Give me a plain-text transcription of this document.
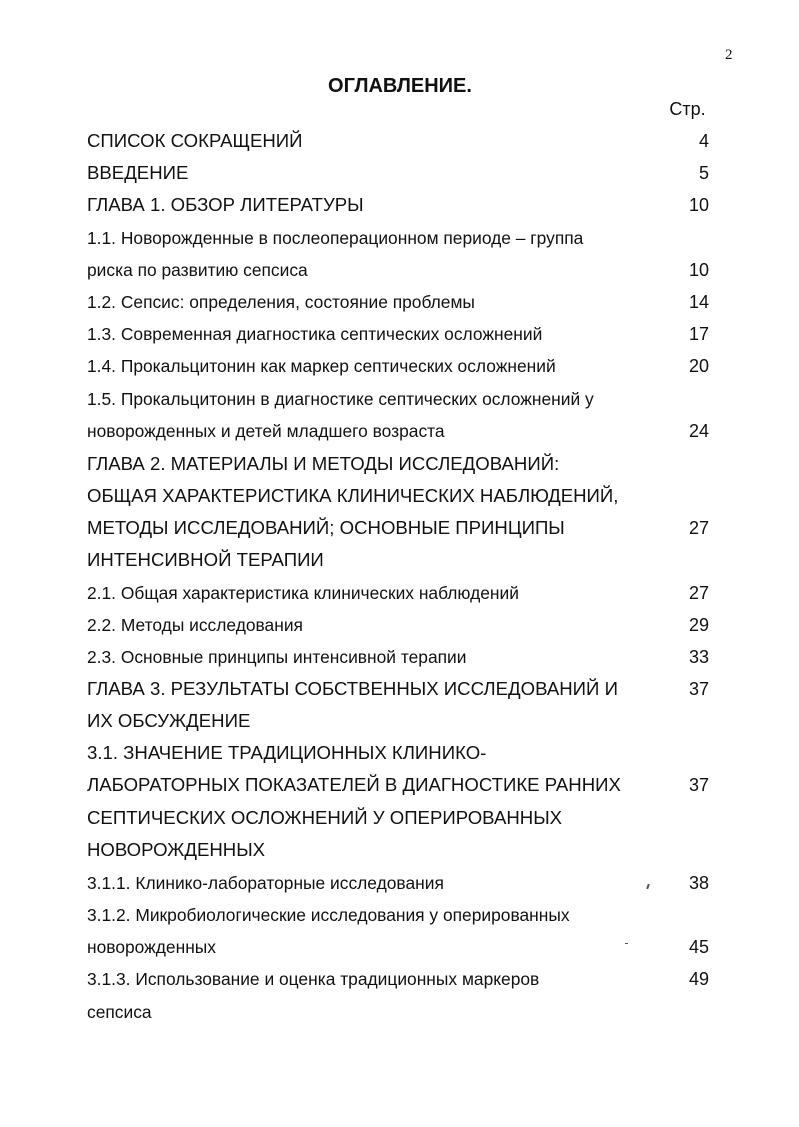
2
ОГЛАВЛЕНИЕ.
Стр.
СПИСОК СОКРАЩЕНИЙ	4
ВВЕДЕНИЕ	5
ГЛАВА 1. ОБЗОР ЛИТЕРАТУРЫ	10
1.1. Новорожденные в послеоперационном периоде – группа
риска по развитию сепсиса	10
1.2. Сепсис: определения, состояние проблемы	14
1.3. Современная диагностика септических осложнений	17
1.4. Прокальцитонин как маркер септических осложнений	20
1.5. Прокальцитонин в диагностике септических осложнений у
новорожденных и детей младшего возраста	24
ГЛАВА 2. МАТЕРИАЛЫ И МЕТОДЫ ИССЛЕДОВАНИЙ:
ОБЩАЯ ХАРАКТЕРИСТИКА КЛИНИЧЕСКИХ НАБЛЮДЕНИЙ,
МЕТОДЫ ИССЛЕДОВАНИЙ; ОСНОВНЫЕ ПРИНЦИПЫ	27
ИНТЕНСИВНОЙ ТЕРАПИИ
2.1. Общая характеристика клинических наблюдений	27
2.2. Методы исследования	29
2.3. Основные принципы интенсивной терапии	33
ГЛАВА 3. РЕЗУЛЬТАТЫ СОБСТВЕННЫХ ИССЛЕДОВАНИЙ И	37
ИХ ОБСУЖДЕНИЕ
3.1. ЗНАЧЕНИЕ ТРАДИЦИОННЫХ КЛИНИКО-
ЛАБОРАТОРНЫХ ПОКАЗАТЕЛЕЙ В ДИАГНОСТИКЕ РАННИХ	37
СЕПТИЧЕСКИХ ОСЛОЖНЕНИЙ У ОПЕРИРОВАННЫХ
НОВОРОЖДЕННЫХ
3.1.1. Клинико-лабораторные исследования	38
3.1.2. Микробиологические исследования у оперированных
новорожденных	45
3.1.3. Использование и оценка традиционных маркеров	49
сепсиса
